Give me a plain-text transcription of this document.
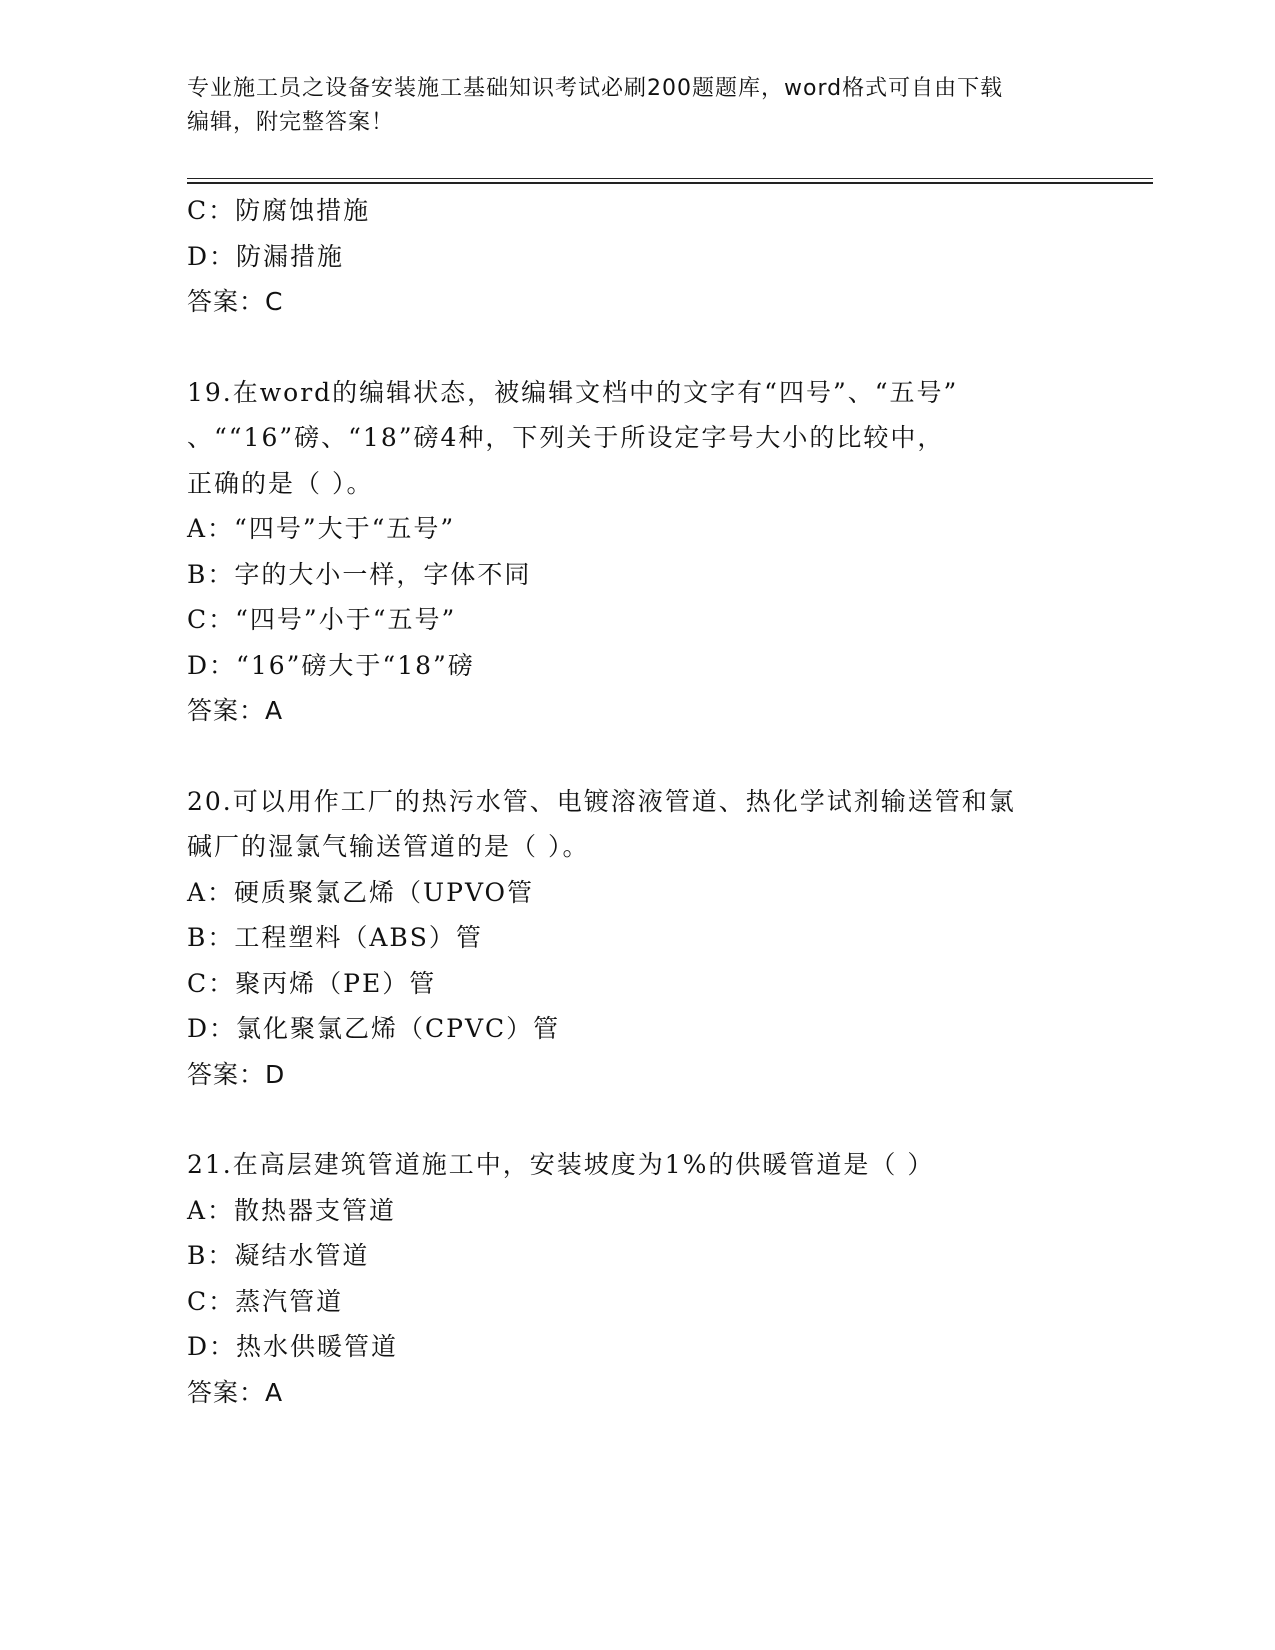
专业施工员之设备安装施工基础知识考试必刷200题题库，word格式可自由下载
编辑，附完整答案！
C：防腐蚀措施
D：防漏措施
答案：C
19.在word的编辑状态，被编辑文档中的文字有“四号”、“五号”
、““16”磅、“18”磅4种，下列关于所设定字号大小的比较中，
正确的是（ ）。
A：“四号”大于“五号”
B：字的大小一样，字体不同
C：“四号”小于“五号”
D：“16”磅大于“18”磅
答案：A
20.可以用作工厂的热污水管、电镀溶液管道、热化学试剂输送管和氯
碱厂的湿氯气输送管道的是（ ）。
A：硬质聚氯乙烯（UPVO管
B：工程塑料（ABS）管
C：聚丙烯（PE）管
D：氯化聚氯乙烯（CPVC）管
答案：D
21.在高层建筑管道施工中，安装坡度为1%的供暖管道是（ ）
A：散热器支管道
B：凝结水管道
C：蒸汽管道
D：热水供暖管道
答案：A
